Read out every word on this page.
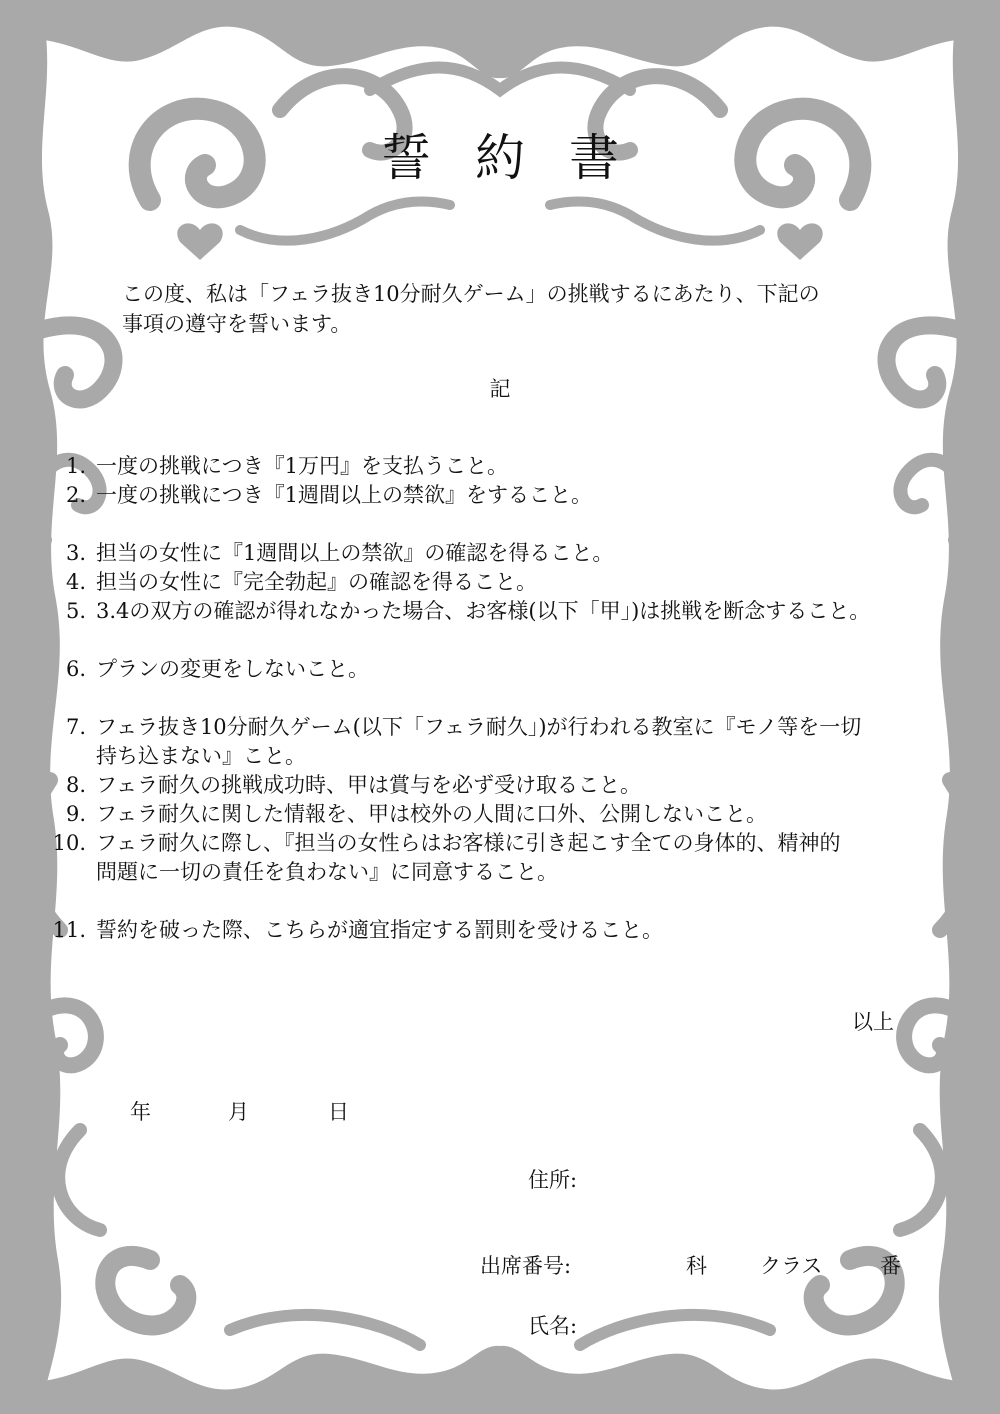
誓約書
この度、私は「フェラ抜き10分耐久ゲーム」の挑戦するにあたり、下記の
事項の遵守を誓います。
記
1. 一度の挑戦につき『1万円』を支払うこと。
2. 一度の挑戦につき『1週間以上の禁欲』をすること。
3. 担当の女性に『1週間以上の禁欲』の確認を得ること。
4. 担当の女性に『完全勃起』の確認を得ること。
5. 3.4の双方の確認が得れなかった場合、お客様(以下「甲」)は挑戦を断念すること。
6. プランの変更をしないこと。
7. フェラ抜き10分耐久ゲーム(以下「フェラ耐久」)が行われる教室に『モノ等を一切
持ち込まない』こと。
8. フェラ耐久の挑戦成功時、甲は賞与を必ず受け取ること。
9. フェラ耐久に関した情報を、甲は校外の人間に口外、公開しないこと。
10. フェラ耐久に際し、『担当の女性らはお客様に引き起こす全ての身体的、精神的
問題に一切の責任を負わない』に同意すること。
11. 誓約を破った際、こちらが適宜指定する罰則を受けること。
以上
年	月	日
住所:
出席番号:	科	クラス	番
氏名:
